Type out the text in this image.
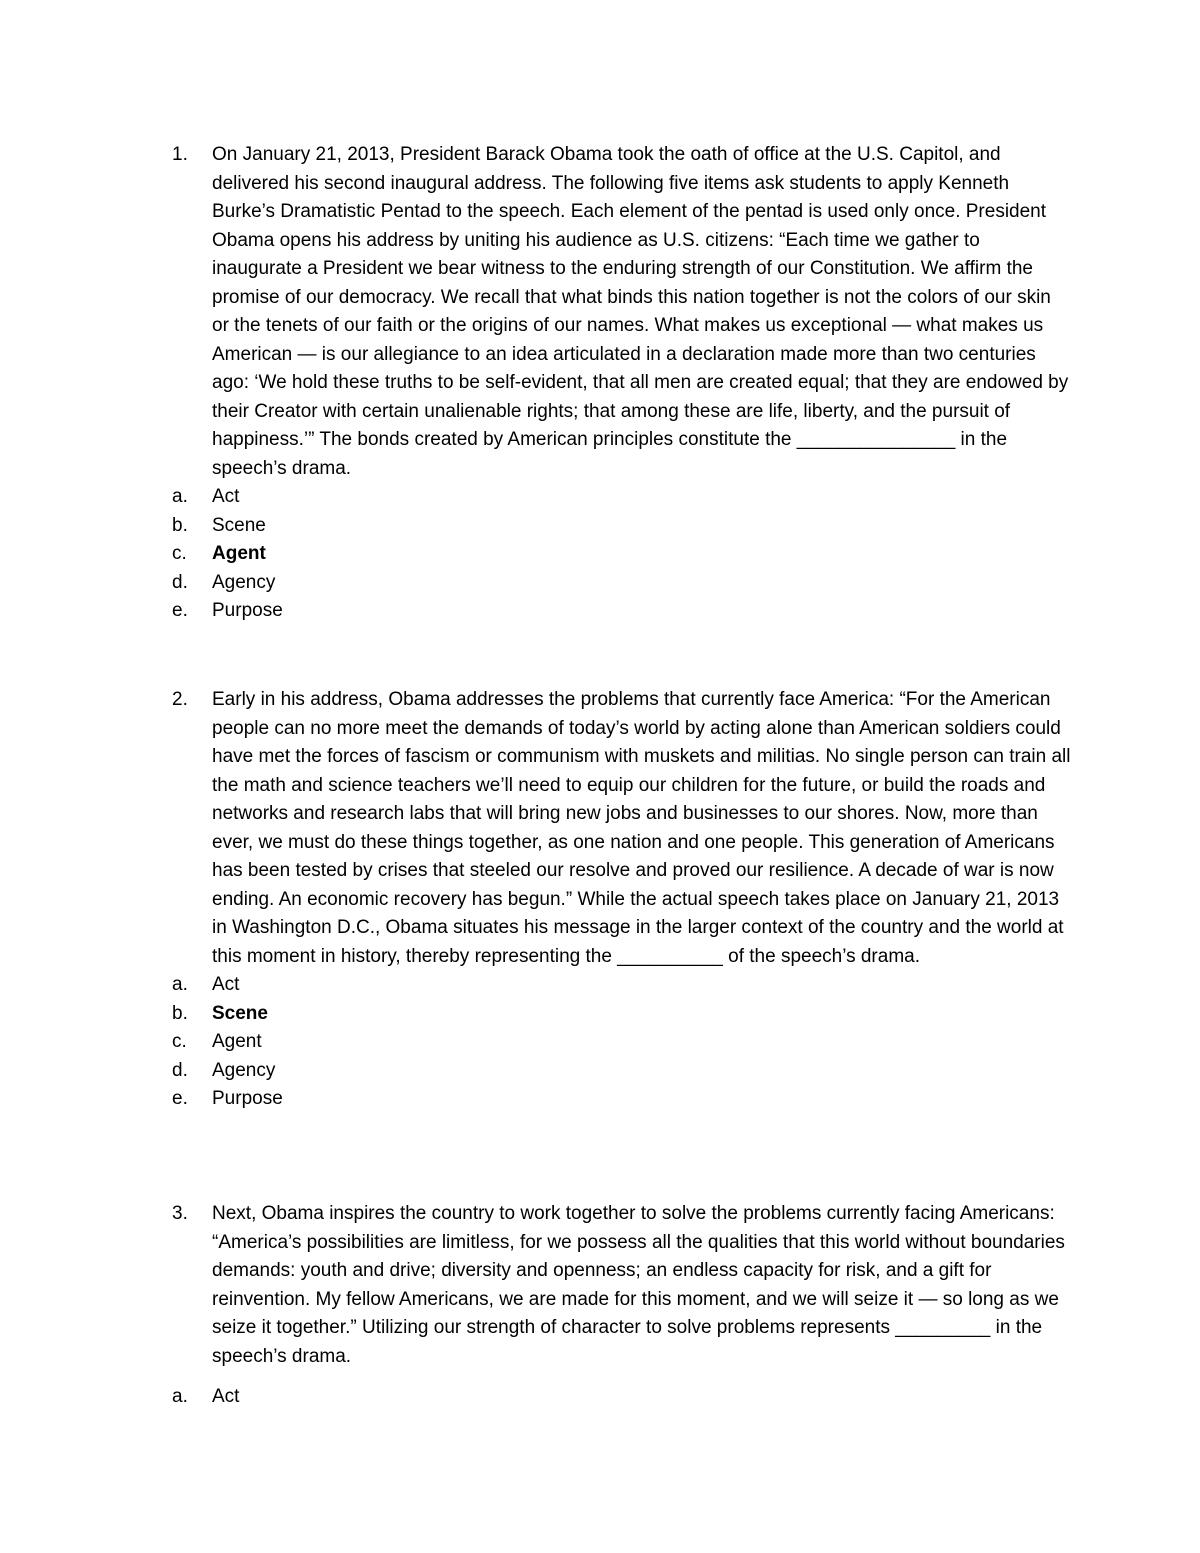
1.	On January 21, 2013, President Barack Obama took the oath of office at the U.S. Capitol, and delivered his second inaugural address. The following five items ask students to apply Kenneth Burke’s Dramatistic Pentad to the speech. Each element of the pentad is used only once. President Obama opens his address by uniting his audience as U.S. citizens: “Each time we gather to inaugurate a President we bear witness to the enduring strength of our Constitution. We affirm the promise of our democracy. We recall that what binds this nation together is not the colors of our skin or the tenets of our faith or the origins of our names. What makes us exceptional — what makes us American — is our allegiance to an idea articulated in a declaration made more than two centuries ago: ‘We hold these truths to be self-evident, that all men are created equal; that they are endowed by their Creator with certain unalienable rights; that among these are life, liberty, and the pursuit of happiness.’” The bonds created by American principles constitute the _______________ in the speech’s drama.
a.	Act
b.	Scene
c.	Agent
d.	Agency
e.	Purpose
2.	Early in his address, Obama addresses the problems that currently face America: “For the American people can no more meet the demands of today’s world by acting alone than American soldiers could have met the forces of fascism or communism with muskets and militias. No single person can train all the math and science teachers we’ll need to equip our children for the future, or build the roads and networks and research labs that will bring new jobs and businesses to our shores. Now, more than ever, we must do these things together, as one nation and one people. This generation of Americans has been tested by crises that steeled our resolve and proved our resilience. A decade of war is now ending. An economic recovery has begun.” While the actual speech takes place on January 21, 2013 in Washington D.C., Obama situates his message in the larger context of the country and the world at this moment in history, thereby representing the __________ of the speech’s drama.
a.	Act
b.	Scene
c.	Agent
d.	Agency
e.	Purpose
3.	Next, Obama inspires the country to work together to solve the problems currently facing Americans: “America’s possibilities are limitless, for we possess all the qualities that this world without boundaries demands: youth and drive; diversity and openness; an endless capacity for risk, and a gift for reinvention. My fellow Americans, we are made for this moment, and we will seize it — so long as we seize it together.” Utilizing our strength of character to solve problems represents _________ in the speech’s drama.
a.	Act
